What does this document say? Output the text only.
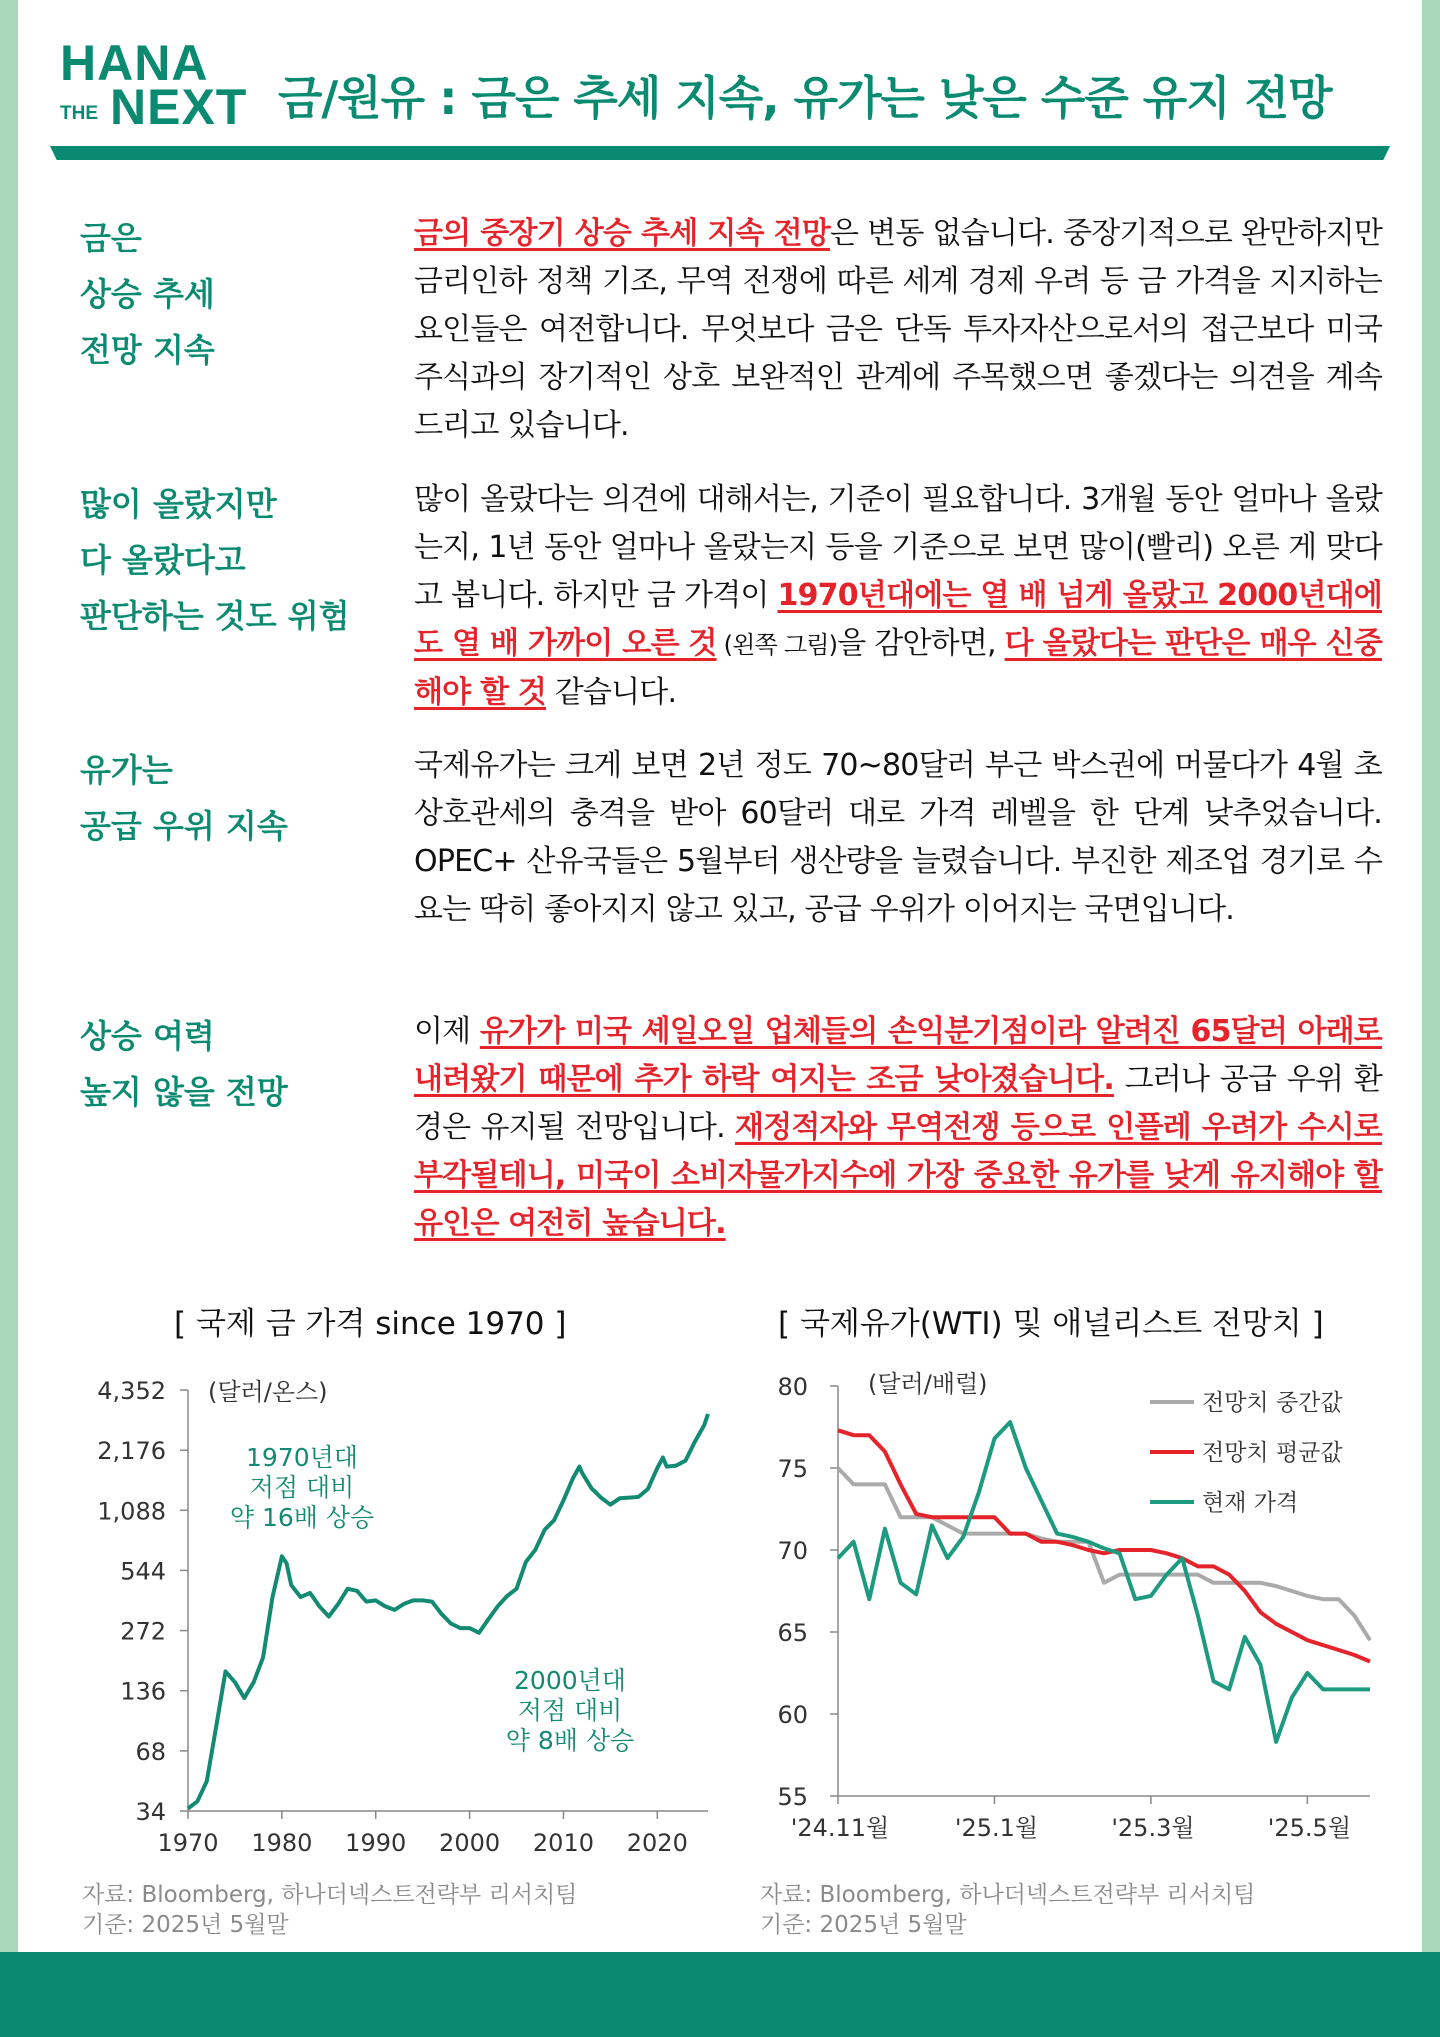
HANA
THE NEXT 금/원유 : 금은 추세 지속, 유가는 낮은 수준 유지 전망
금은
상승 추세
전망 지속
금의 중장기 상승 추세 지속 전망은 변동 없습니다. 중장기적으로 완만하지만 금리인하 정책 기조, 무역 전쟁에 따른 세계 경제 우려 등 금 가격을 지지하는 요인들은 여전합니다. 무엇보다 금은 단독 투자자산으로서의 접근보다 미국 주식과의 장기적인 상호 보완적인 관계에 주목했으면 좋겠다는 의견을 계속 드리고 있습니다.
많이 올랐지만
다 올랐다고
판단하는 것도 위험
많이 올랐다는 의견에 대해서는, 기준이 필요합니다. 3개월 동안 얼마나 올랐는지, 1년 동안 얼마나 올랐는지 등을 기준으로 보면 많이(빨리) 오른 게 맞다고 봅니다. 하지만 금 가격이 1970년대에는 열 배 넘게 올랐고 2000년대에도 열 배 가까이 오른 것 (왼쪽 그림)을 감안하면, 다 올랐다는 판단은 매우 신중해야 할 것 같습니다.
유가는
공급 우위 지속
국제유가는 크게 보면 2년 정도 70~80달러 부근 박스권에 머물다가 4월 초 상호관세의 충격을 받아 60달러 대로 가격 레벨을 한 단계 낮추었습니다. OPEC+ 산유국들은 5월부터 생산량을 늘렸습니다. 부진한 제조업 경기로 수요는 딱히 좋아지지 않고 있고, 공급 우위가 이어지는 국면입니다.
상승 여력
높지 않을 전망
이제 유가가 미국 셰일오일 업체들의 손익분기점이라 알려진 65달러 아래로 내려왔기 때문에 추가 하락 여지는 조금 낮아졌습니다. 그러나 공급 우위 환경은 유지될 전망입니다. 재정적자와 무역전쟁 등으로 인플레 우려가 수시로 부각될테니, 미국이 소비자물가지수에 가장 중요한 유가를 낮게 유지해야 할 유인은 여전히 높습니다.
[ 국제 금 가격 since 1970 ]
4,352
2,176
1,088
544
272
136
68
34
1970 1980 1990 2000 2010 2020
(달러/온스)
1970년대
저점 대비
약 16배 상승
2000년대
저점 대비
약 8배 상승
자료: Bloomberg, 하나더넥스트전략부 리서치팀
기준: 2025년 5월말
[ 국제유가(WTI) 및 애널리스트 전망치 ]
80
75
70
65
60
55
'24.11월	'25.1월	'25.3월	'25.5월
(달러/배럴)
전망치 중간값
전망치 평균값
현재 가격
자료: Bloomberg, 하나더넥스트전략부 리서치팀
기준: 2025년 5월말
